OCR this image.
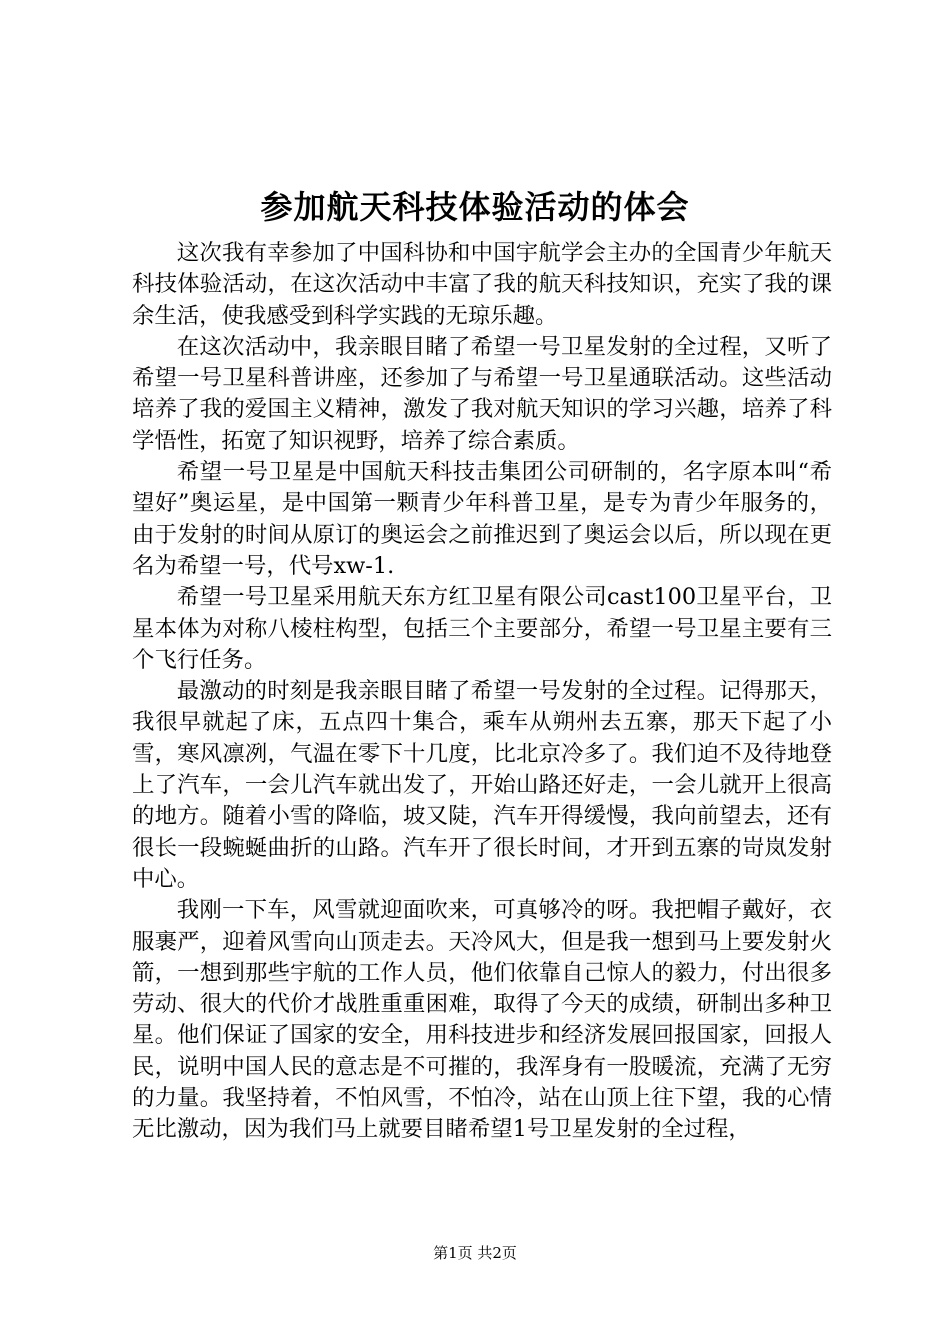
参加航天科技体验活动的体会

这次我有幸参加了中国科协和中国宇航学会主办的全国青少年航天科技体验活动，在这次活动中丰富了我的航天科技知识，充实了我的课余生活，使我感受到科学实践的无琼乐趣。

在这次活动中，我亲眼目睹了希望一号卫星发射的全过程，又听了希望一号卫星科普讲座，还参加了与希望一号卫星通联活动。这些活动培养了我的爱国主义精神，激发了我对航天知识的学习兴趣，培养了科学悟性，拓宽了知识视野，培养了综合素质。

希望一号卫星是中国航天科技击集团公司研制的，名字原本叫“希望好”奥运星，是中国第一颗青少年科普卫星，是专为青少年服务的，由于发射的时间从原订的奥运会之前推迟到了奥运会以后，所以现在更名为希望一号，代号xw-1.

希望一号卫星采用航天东方红卫星有限公司cast100卫星平台，卫星本体为对称八棱柱构型，包括三个主要部分，希望一号卫星主要有三个飞行任务。

最激动的时刻是我亲眼目睹了希望一号发射的全过程。记得那天，我很早就起了床，五点四十集合，乘车从朔州去五寨，那天下起了小雪，寒风凛冽，气温在零下十几度，比北京冷多了。我们迫不及待地登上了汽车，一会儿汽车就出发了，开始山路还好走，一会儿就开上很高的地方。随着小雪的降临，坡又陡，汽车开得缓慢，我向前望去，还有很长一段蜿蜒曲折的山路。汽车开了很长时间，才开到五寨的岢岚发射中心。

我刚一下车，风雪就迎面吹来，可真够冷的呀。我把帽子戴好，衣服裹严，迎着风雪向山顶走去。天冷风大，但是我一想到马上要发射火箭，一想到那些宇航的工作人员，他们依靠自己惊人的毅力，付出很多劳动、很大的代价才战胜重重困难，取得了今天的成绩，研制出多种卫星。他们保证了国家的安全，用科技进步和经济发展回报国家，回报人民，说明中国人民的意志是不可摧的，我浑身有一股暖流，充满了无穷的力量。我坚持着，不怕风雪，不怕冷，站在山顶上往下望，我的心情无比激动，因为我们马上就要目睹希望1号卫星发射的全过程，

第1页 共2页
